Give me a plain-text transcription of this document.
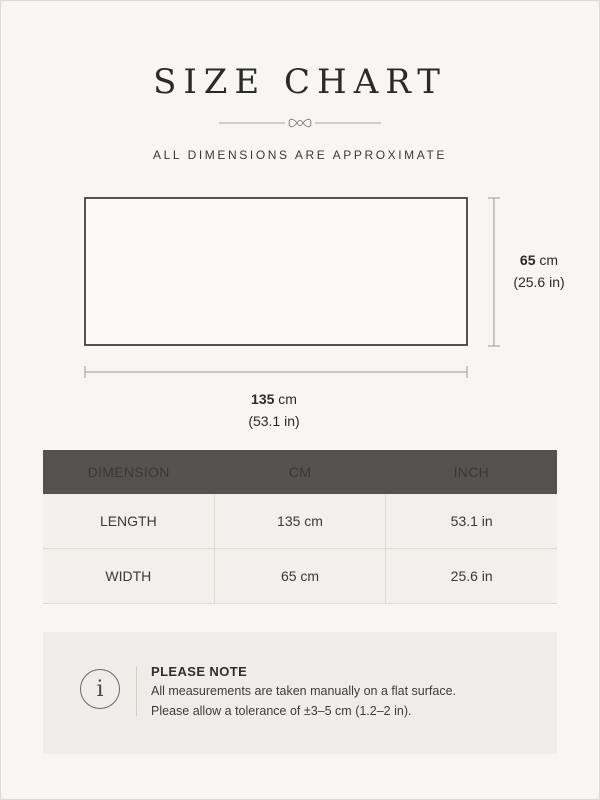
SIZE CHART
ALL DIMENSIONS ARE APPROXIMATE
135 cm
(53.1 in)
65 cm
(25.6 in)
DIMENSION	CM	INCH
LENGTH	135 cm	53.1 in
WIDTH	65 cm	25.6 in
i
PLEASE NOTE
All measurements are taken manually on a flat surface.
Please allow a tolerance of ±3–5 cm (1.2–2 in).
